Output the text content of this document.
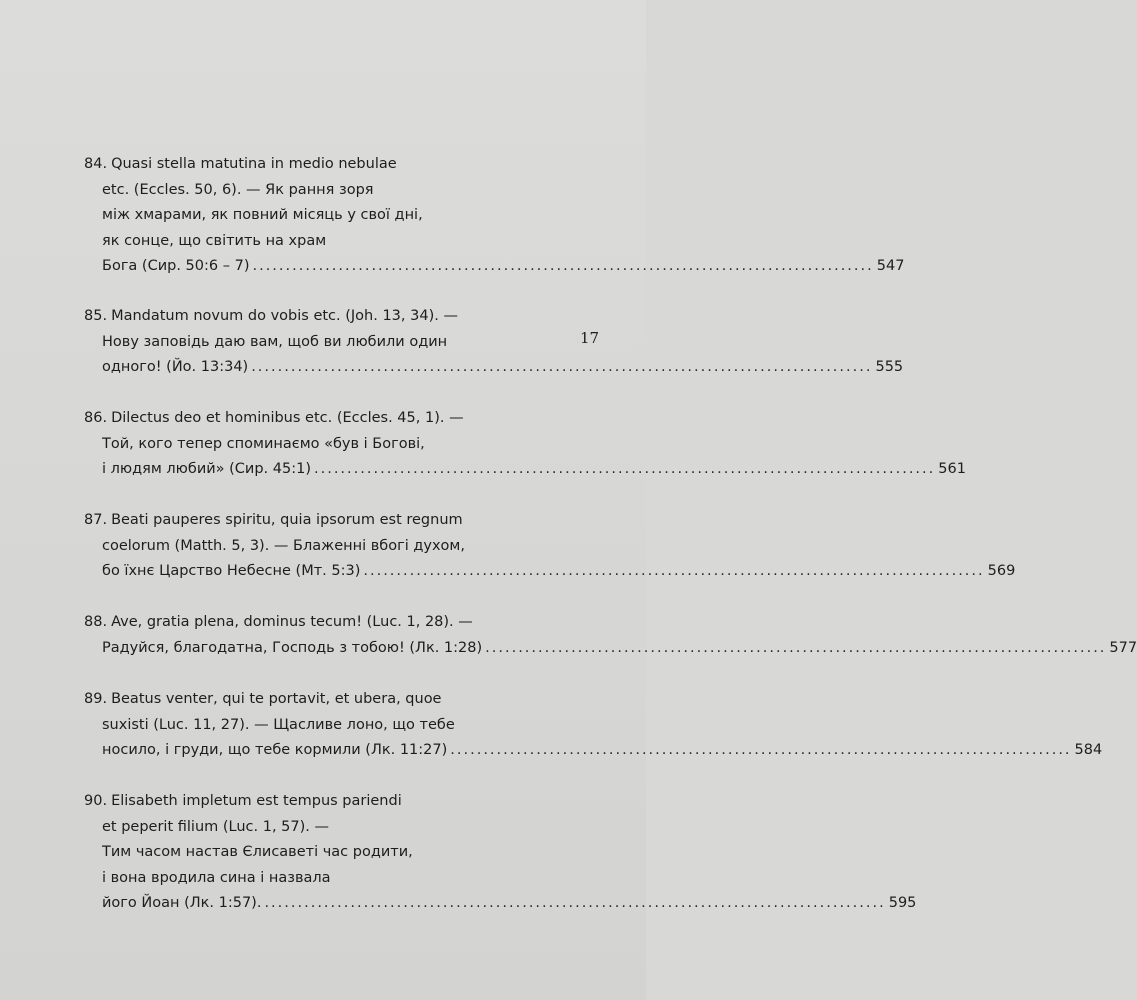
84. Quasi stella matutina in medio nebulae
etc. (Eccles. 50, 6). — Як рання зоря
між хмарами, як повний місяць у свої дні,
як сонце, що світить на храм
Бога (Сир. 50:6 – 7) .............................................................................................. 547
85. Mandatum novum do vobis etc. (Joh. 13, 34). —
Нову заповідь даю вам, щоб ви любили один
одного! (Йо. 13:34) .............................................................................................. 555
86. Dilectus deo et hominibus etc. (Eccles. 45, 1). —
Той, кого тепер споминаємо «був і Богові,
і людям любий» (Сир. 45:1) .............................................................................................. 561
87. Beati pauperes spiritu, quia ipsorum est regnum
coelorum (Matth. 5, 3). — Блаженні вбогі духом,
бо їхнє Царство Небесне (Мт. 5:3) .............................................................................................. 569
88. Ave, gratia plena, dominus tecum! (Luc. 1, 28). —
Радуйся, благодатна, Господь з тобою! (Лк. 1:28) .............................................................................................. 577
89. Beatus venter, qui te portavit, et ubera, quoe
suxisti (Luc. 11, 27). — Щасливе лоно, що тебе
носило, і груди, що тебе кормили (Лк. 11:27) .............................................................................................. 584
90. Elisabeth impletum est tempus pariendi
et peperit filium (Luc. 1, 57). —
Тим часом настав Єлисаветі час родити,
і вона вродила сина і назвала
його Йоан (Лк. 1:57). .............................................................................................. 595
17
